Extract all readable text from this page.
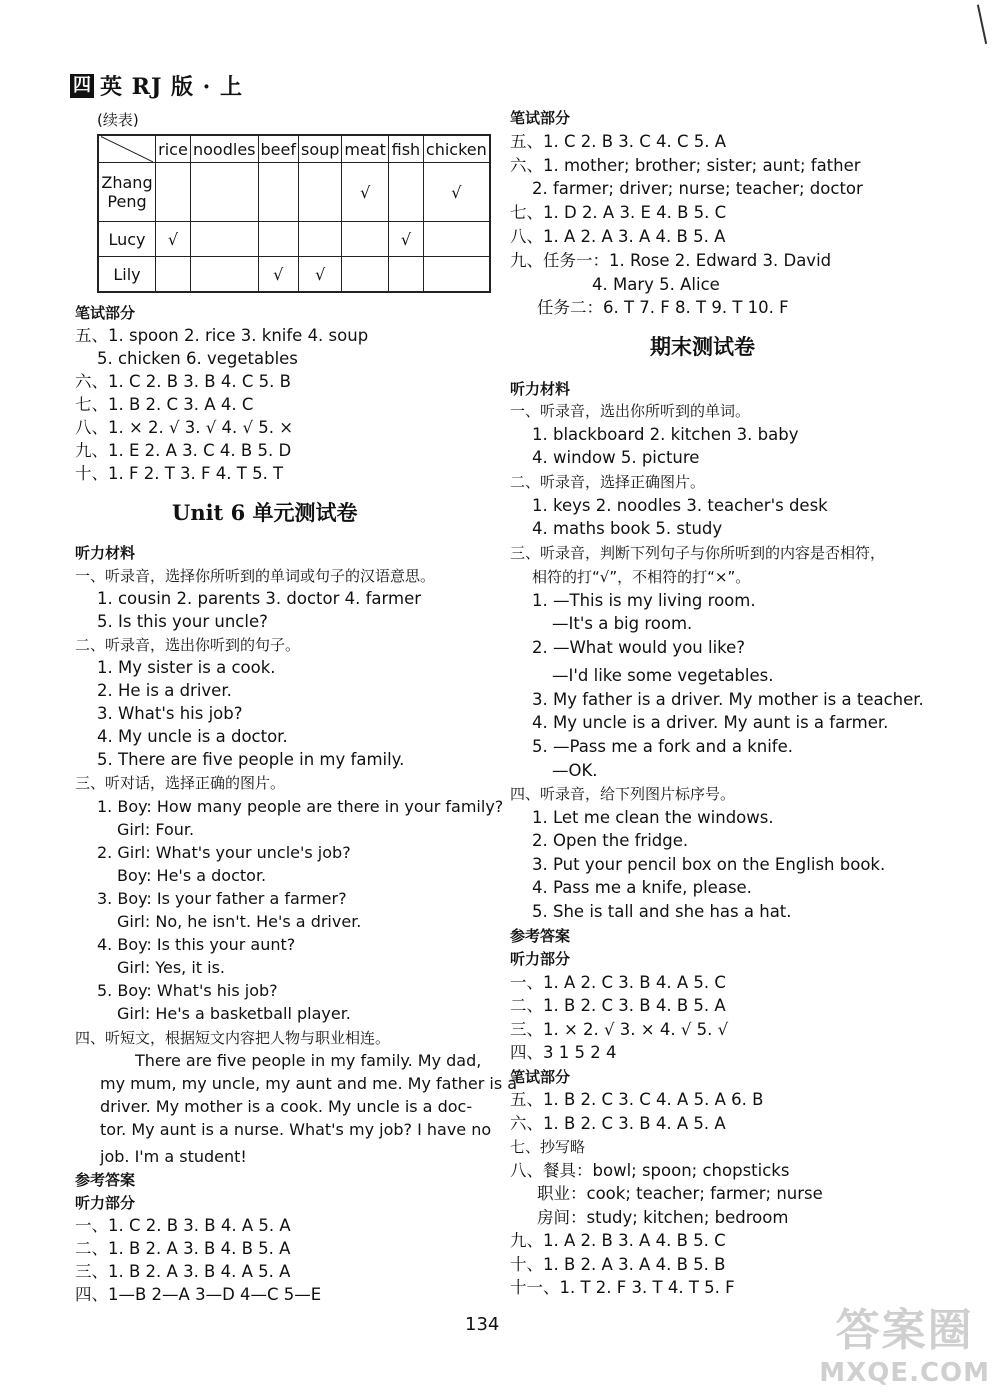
四 英 RJ 版 · 上
(续表)
	rice	noodles	beef	soup	meat	fish	chicken
Zhang
Peng					√		√
Lucy	√					√	
Lily			√	√			
笔试部分
五、1. spoon 2. rice 3. knife 4. soup
5. chicken 6. vegetables
六、1. C 2. B 3. B 4. C 5. B
七、1. B 2. C 3. A 4. C
八、1. × 2. √ 3. √ 4. √ 5. ×
九、1. E 2. A 3. C 4. B 5. D
十、1. F 2. T 3. F 4. T 5. T
Unit 6 单元测试卷
听力材料
一、听录音，选择你所听到的单词或句子的汉语意思。
1. cousin 2. parents 3. doctor 4. farmer
5. Is this your uncle?
二、听录音，选出你听到的句子。
1. My sister is a cook.
2. He is a driver.
3. What's his job?
4. My uncle is a doctor.
5. There are five people in my family.
三、听对话，选择正确的图片。
1. Boy: How many people are there in your family?
Girl: Four.
2. Girl: What's your uncle's job?
Boy: He's a doctor.
3. Boy: Is your father a farmer?
Girl: No, he isn't. He's a driver.
4. Boy: Is this your aunt?
Girl: Yes, it is.
5. Boy: What's his job?
Girl: He's a basketball player.
四、听短文，根据短文内容把人物与职业相连。
There are five people in my family. My dad,
my mum, my uncle, my aunt and me. My father is a
driver. My mother is a cook. My uncle is a doc-
tor. My aunt is a nurse. What's my job? I have no
job. I'm a student!
参考答案
听力部分
一、1. C 2. B 3. B 4. A 5. A
二、1. B 2. A 3. B 4. B 5. A
三、1. B 2. A 3. B 4. A 5. A
四、1—B 2—A 3—D 4—C 5—E
笔试部分
五、1. C 2. B 3. C 4. C 5. A
六、1. mother; brother; sister; aunt; father
2. farmer; driver; nurse; teacher; doctor
七、1. D 2. A 3. E 4. B 5. C
八、1. A 2. A 3. A 4. B 5. A
九、任务一：1. Rose 2. Edward 3. David
4. Mary 5. Alice
任务二：6. T 7. F 8. T 9. T 10. F
期末测试卷
听力材料
一、听录音，选出你所听到的单词。
1. blackboard 2. kitchen 3. baby
4. window 5. picture
二、听录音，选择正确图片。
1. keys 2. noodles 3. teacher's desk
4. maths book 5. study
三、听录音，判断下列句子与你所听到的内容是否相符，
相符的打“√”，不相符的打“×”。
1. —This is my living room.
—It's a big room.
2. —What would you like?
—I'd like some vegetables.
3. My father is a driver. My mother is a teacher.
4. My uncle is a driver. My aunt is a farmer.
5. —Pass me a fork and a knife.
—OK.
四、听录音，给下列图片标序号。
1. Let me clean the windows.
2. Open the fridge.
3. Put your pencil box on the English book.
4. Pass me a knife, please.
5. She is tall and she has a hat.
参考答案
听力部分
一、1. A 2. C 3. B 4. A 5. C
二、1. B 2. C 3. B 4. B 5. A
三、1. × 2. √ 3. × 4. √ 5. √
四、3 1 5 2 4
笔试部分
五、1. B 2. C 3. C 4. A 5. A 6. B
六、1. B 2. C 3. B 4. A 5. A
七、抄写略
八、餐具：bowl; spoon; chopsticks
职业：cook; teacher; farmer; nurse
房间：study; kitchen; bedroom
九、1. A 2. B 3. A 4. B 5. C
十、1. B 2. A 3. A 4. B 5. B
十一、1. T 2. F 3. T 4. T 5. F
134	答案圈
MXQE.COM
